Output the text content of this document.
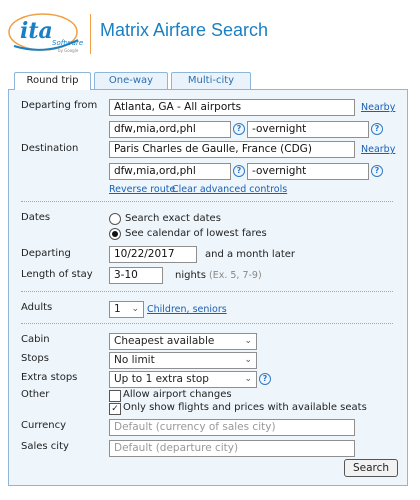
ita Software
by Google
Matrix Airfare Search
Round trip	One-way	Multi-city
Departing from	Atlanta, GA - All airports	Nearby
dfw,mia,ord,phl	?	-overnight	?
Destination	Paris Charles de Gaulle, France (CDG)	Nearby
dfw,mia,ord,phl	?	-overnight	?
Reverse route
Clear advanced controls
Dates	Search exact dates
See calendar of lowest fares
Departing	10/22/2017	and a month later
Length of stay	3-10	nights (Ex. 5, 7-9)
Adults	1 ⌄ Children, seniors
Cabin	Cheapest available	⌄
Stops	No limit	⌄
Extra stops	Up to 1 extra stop	⌄	?
Other	Allow airport changes
✓ Only show flights and prices with available seats
Currency	Default (currency of sales city)
Sales city	Default (departure city)
Search
